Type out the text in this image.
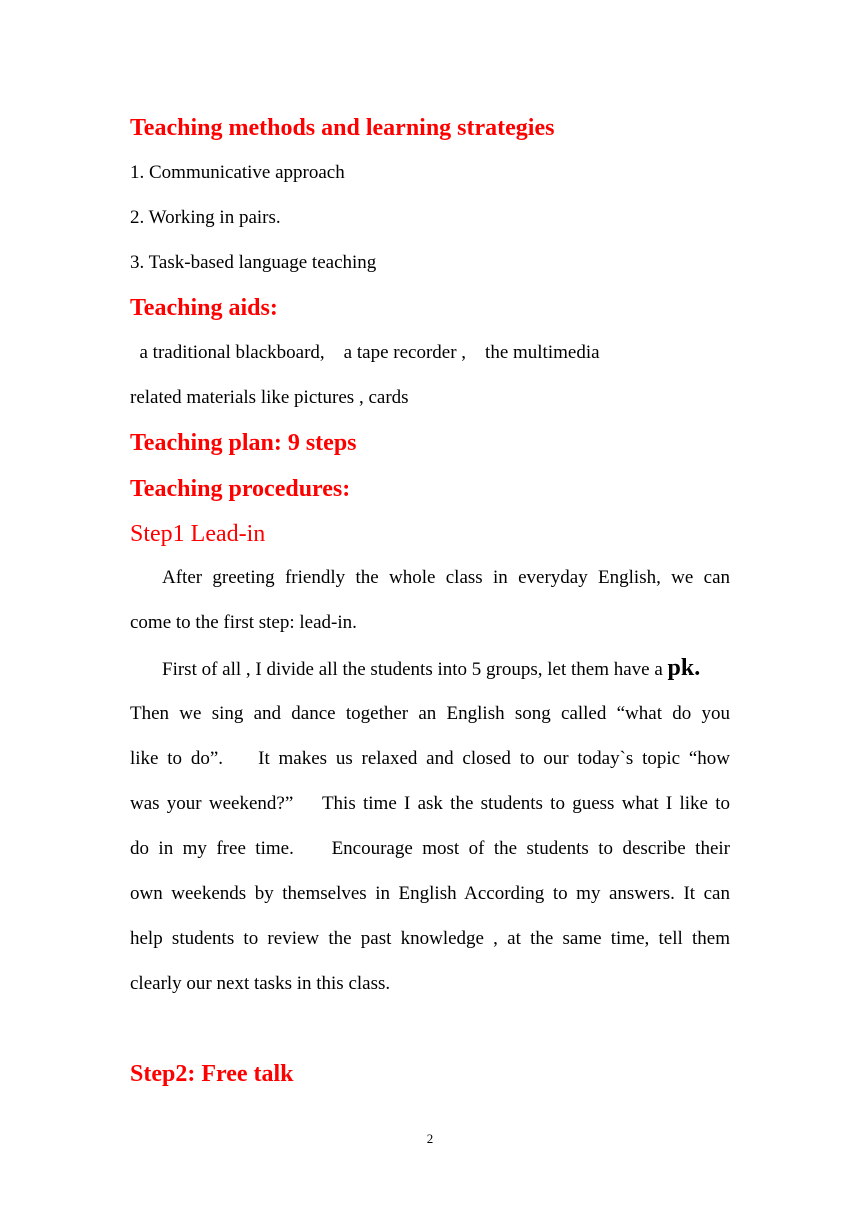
Teaching methods and learning strategies
1. Communicative approach
2. Working in pairs.
3. Task-based language teaching
Teaching aids:
a traditional blackboard,    a tape recorder ,    the multimedia
related materials like pictures , cards
Teaching plan: 9 steps
Teaching procedures:
Step1 Lead-in
After greeting friendly the whole class in everyday English, we can
come to the first step: lead-in.
First of all , I divide all the students into 5 groups, let them have a pk.
Then we sing and dance together an English song called “what do you
like to do”.    It makes us relaxed and closed to our today`s topic “how
was your weekend?”    This time I ask the students to guess what I like to
do in my free time.    Encourage most of the students to describe their
own weekends by themselves in English According to my answers. It can
help students to review the past knowledge , at the same time, tell them
clearly our next tasks in this class.
Step2: Free talk
2
